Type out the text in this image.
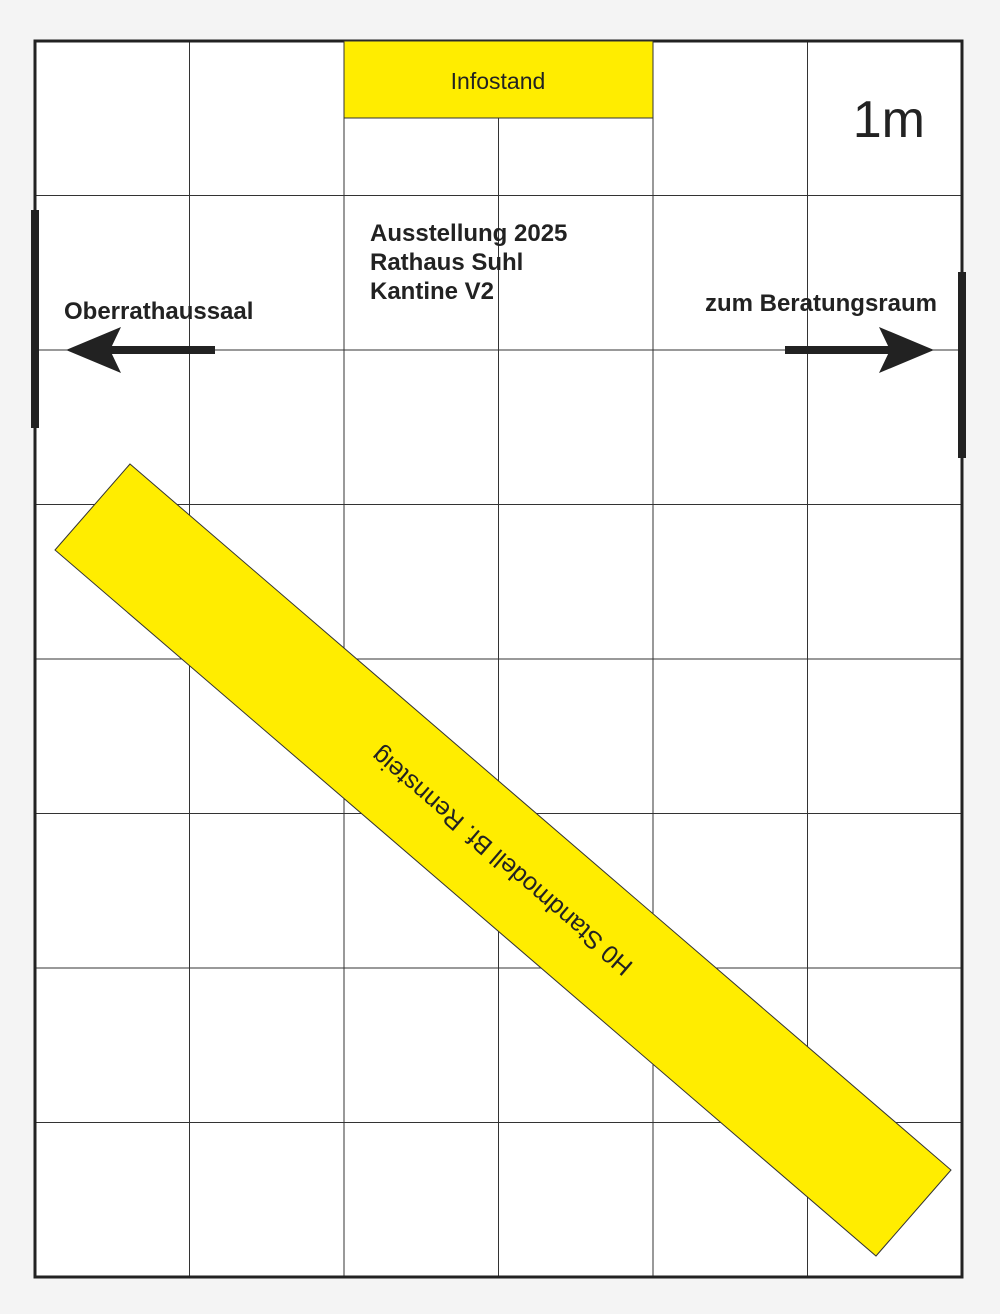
Infostand
1m
Ausstellung 2025
Rathaus Suhl
Kantine V2
Oberrathaussaal	zum Beratungsraum
H0 Standmodell Bf. Rennsteig
